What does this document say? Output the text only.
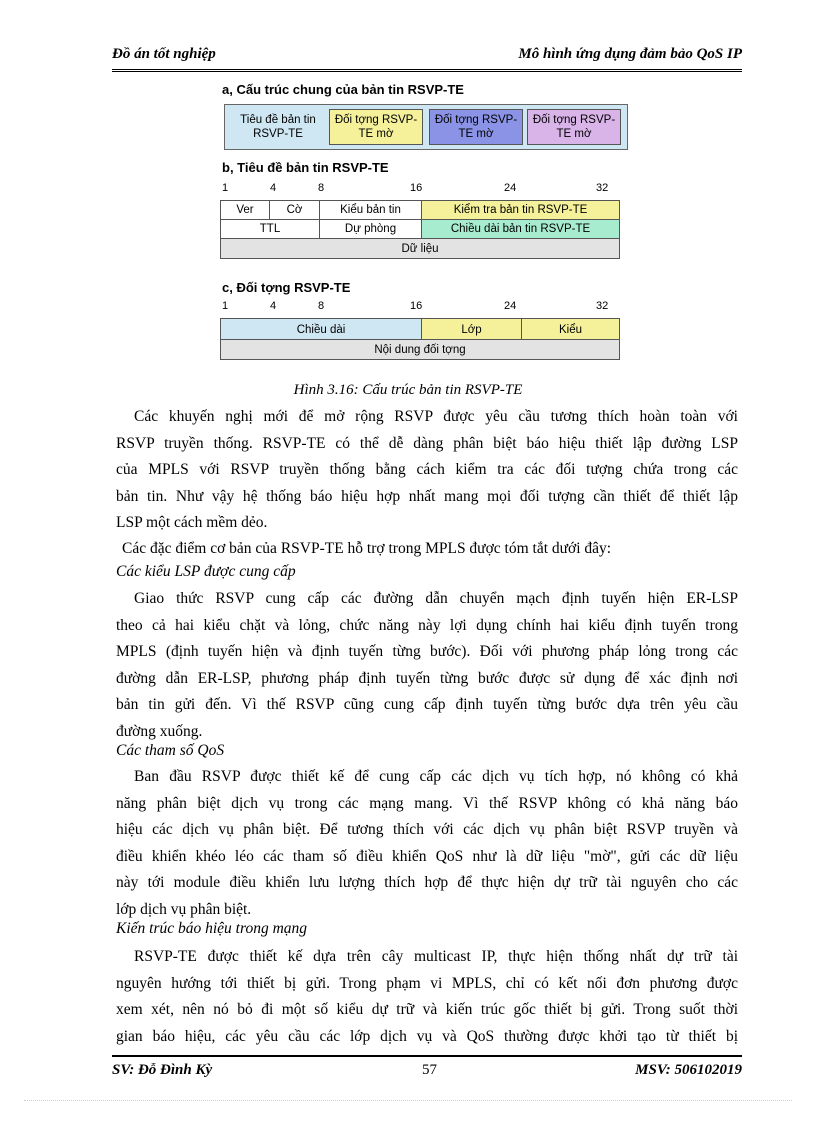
Đồ án tốt nghiệp	Mô hình ứng dụng đảm bảo QoS IP
a, Cấu trúc chung của bản tin RSVP-TE
Tiêu đề bản tin RSVP-TE
Đối tợng RSVP-TE mờ
Đối tợng RSVP-TE mờ
Đối tợng RSVP-TE mờ
b, Tiêu đề bản tin RSVP-TE
1	4	8	16	24	32
Ver	Cờ	Kiểu bản tin	Kiểm tra bản tin RSVP-TE
TTL	Dự phòng	Chiều dài bản tin RSVP-TE
Dữ liệu
c, Đối tợng RSVP-TE
1	4	8	16	24	32
Chiều dài	Lớp	Kiểu
Nội dung đối tợng
Hình 3.16: Cấu trúc bản tin RSVP-TE
Các khuyến nghị mới để mở rộng RSVP được yêu cầu tương thích hoàn toàn với
RSVP truyền thống. RSVP-TE có thể dễ dàng phân biệt báo hiệu thiết lập đường LSP
của MPLS với RSVP truyền thống bằng cách kiểm tra các đối tượng chứa trong các
bản tin. Như vậy hệ thống báo hiệu hợp nhất mang mọi đối tượng cần thiết để thiết lập
LSP một cách mềm dẻo.

Các đặc điểm cơ bản của RSVP-TE hỗ trợ trong MPLS được tóm tắt dưới đây:

Các kiểu LSP được cung cấp

Giao thức RSVP cung cấp các đường dẫn chuyển mạch định tuyến hiện ER-LSP
theo cả hai kiểu chặt và lỏng, chức năng này lợi dụng chính hai kiểu định tuyến trong
MPLS (định tuyến hiện và định tuyến từng bước). Đối với phương pháp lỏng trong các
đường dẫn ER-LSP, phương pháp định tuyến từng bước được sử dụng để xác định nơi
bản tin gửi đến. Vì thế RSVP cũng cung cấp định tuyến từng bước dựa trên yêu cầu
đường xuống.

Các tham số QoS

Ban đầu RSVP được thiết kế để cung cấp các dịch vụ tích hợp, nó không có khả
năng phân biệt dịch vụ trong các mạng mang. Vì thế RSVP không có khả năng báo
hiệu các dịch vụ phân biệt. Để tương thích với các dịch vụ phân biệt RSVP truyền và
điều khiển khéo léo các tham số điều khiển QoS như là dữ liệu "mờ", gửi các dữ liệu
này tới module điều khiển lưu lượng thích hợp để thực hiện dự trữ tài nguyên cho các
lớp dịch vụ phân biệt.

Kiến trúc báo hiệu trong mạng

RSVP-TE được thiết kế dựa trên cây multicast IP, thực hiện thống nhất dự trữ tài
nguyên hướng tới thiết bị gửi. Trong phạm vi MPLS, chỉ có kết nối đơn phương được
xem xét, nên nó bỏ đi một số kiểu dự trữ và kiến trúc gốc thiết bị gửi. Trong suốt thời
gian báo hiệu, các yêu cầu các lớp dịch vụ và QoS thường được khởi tạo từ thiết bị
SV: Đỗ Đình Kỳ	57	MSV: 506102019
